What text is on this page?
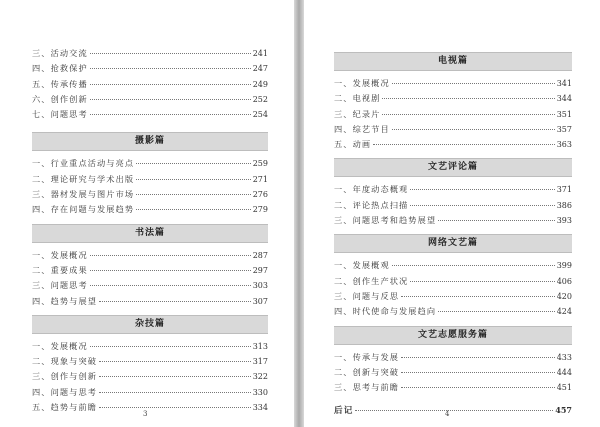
三、活动交流	241
四、抢救保护	247
五、传承传播	249
六、创作创新	252
七、问题思考	254
摄影篇
一、行业重点活动与亮点	259
二、理论研究与学术出版	271
三、器材发展与图片市场	276
四、存在问题与发展趋势	279
书法篇
一、发展概况	287
二、重要成果	297
三、问题思考	303
四、趋势与展望	307
杂技篇
一、发展概况	313
二、现象与突破	317
三、创作与创新	322
四、问题与思考	330
五、趋势与前瞻	334
3
电视篇
一、发展概况	341
二、电视剧	344
三、纪录片	351
四、综艺节目	357
五、动画	363
文艺评论篇
一、年度动态概观	371
二、评论热点扫描	386
三、问题思考和趋势展望	393
网络文艺篇
一、发展概观	399
二、创作生产状况	406
三、问题与反思	420
四、时代使命与发展趋向	424
文艺志愿服务篇
一、传承与发展	433
二、创新与突破	444
三、思考与前瞻	451
后记	457
4
